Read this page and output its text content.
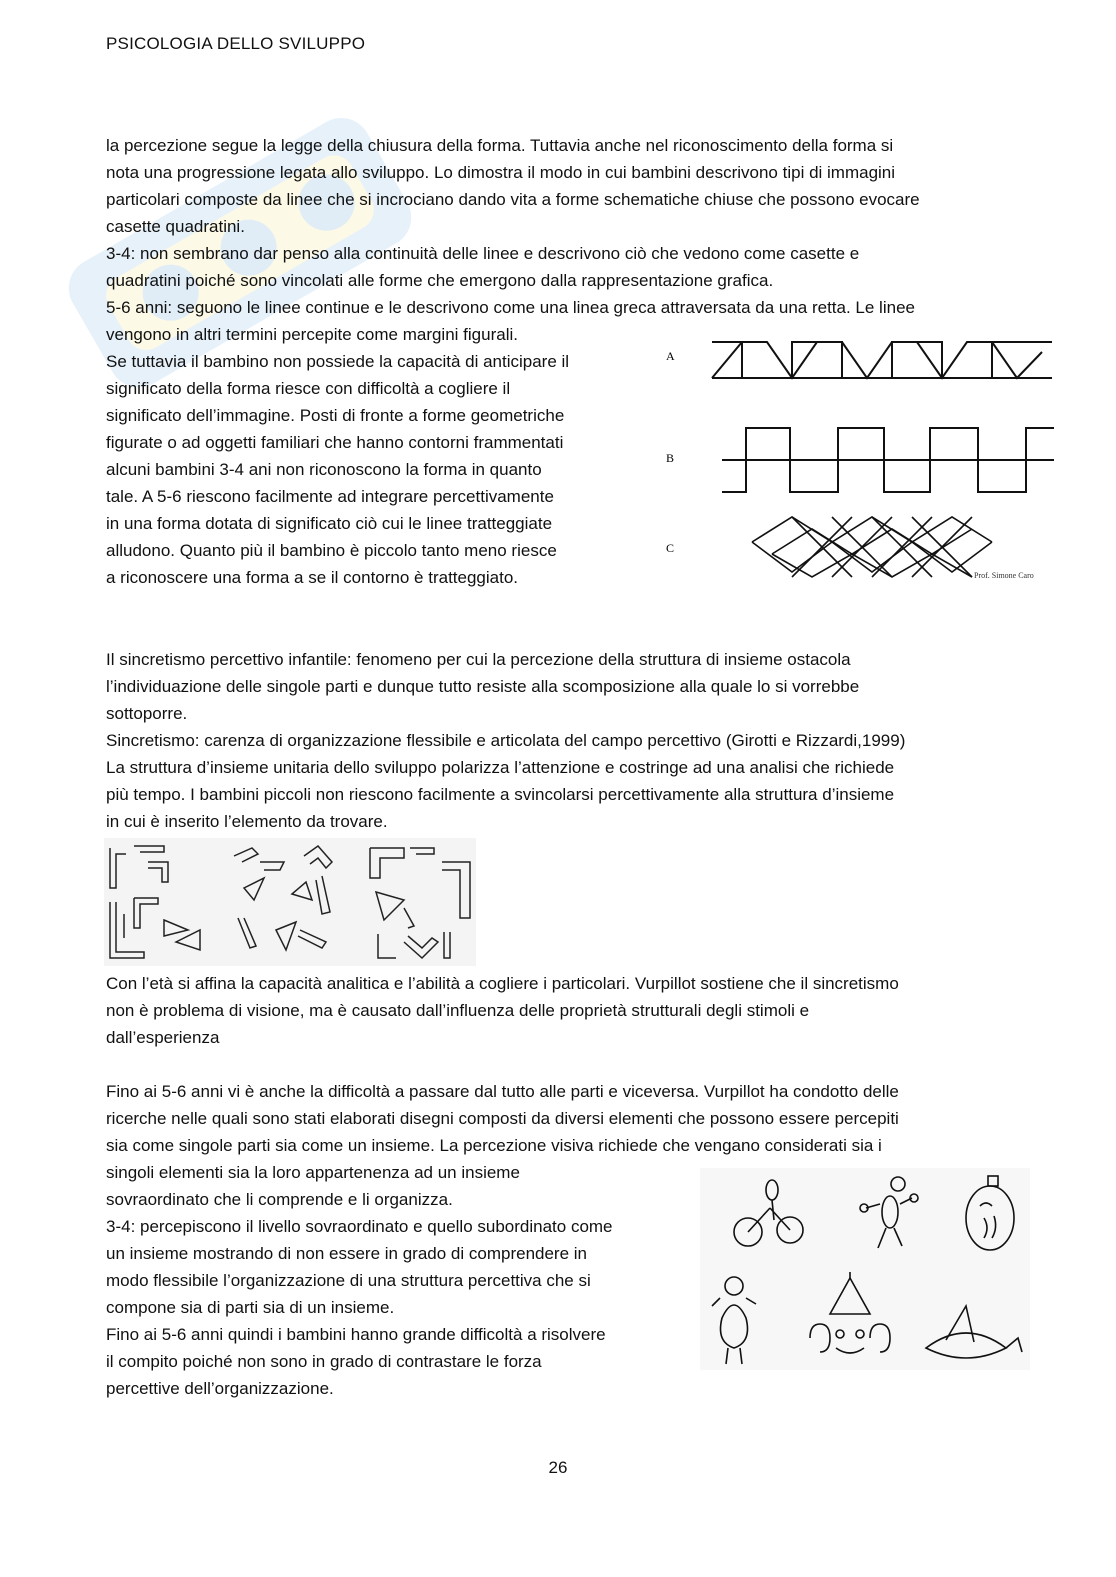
PSICOLOGIA DELLO SVILUPPO

la percezione segue la legge della chiusura della forma. Tuttavia anche nel riconoscimento della forma si

nota una progressione legata allo sviluppo. Lo dimostra il modo in cui bambini descrivono tipi di immagini

particolari composte da linee che si incrociano dando vita a forme schematiche chiuse che possono evocare

casette quadratini.

3-4: non sembrano dar penso alla continuità delle linee e descrivono ciò che vedono come casette e

quadratini poiché sono vincolati alle forme che emergono dalla rappresentazione grafica.

5-6 anni: seguono le linee continue e le descrivono come una linea greca attraversata da una retta. Le linee

vengono in altri termini percepite come margini figurali.

Se tuttavia il bambino non possiede la capacità di anticipare il

significato della forma riesce con difficoltà a cogliere il

significato dell’immagine. Posti di fronte a forme geometriche

figurate o ad oggetti familiari che hanno contorni frammentati

alcuni bambini 3-4 ani non riconoscono la forma in quanto

tale. A 5-6 riescono facilmente ad integrare percettivamente

in una forma dotata di significato ciò cui le linee tratteggiate

alludono. Quanto più il bambino è piccolo tanto meno riesce

a riconoscere una forma a se il contorno è tratteggiato.

A
B
C
Prof. Simone Caro

Il sincretismo percettivo infantile: fenomeno per cui la percezione della struttura di insieme ostacola

l’individuazione delle singole parti e dunque tutto resiste alla scomposizione alla quale lo si vorrebbe

sottoporre.

Sincretismo: carenza di organizzazione flessibile e articolata del campo percettivo (Girotti e Rizzardi,1999)

La struttura d’insieme unitaria dello sviluppo polarizza l’attenzione e costringe ad una analisi che richiede

più tempo. I bambini piccoli non riescono facilmente a svincolarsi percettivamente alla struttura d’insieme

in cui è inserito l’elemento da trovare.

Con l’età si affina la capacità analitica e l’abilità a cogliere i particolari. Vurpillot sostiene che il sincretismo

non è problema di visione, ma è causato dall’influenza delle proprietà strutturali degli stimoli e

dall’esperienza

Fino ai 5-6 anni vi è anche la difficoltà a passare dal tutto alle parti e viceversa. Vurpillot ha condotto delle

ricerche nelle quali sono stati elaborati disegni composti da diversi elementi che possono essere percepiti

sia come singole parti sia come un insieme. La percezione visiva richiede che vengano considerati sia i

singoli elementi sia la loro appartenenza ad un insieme

sovraordinato che li comprende e li organizza.

3-4: percepiscono il livello sovraordinato e quello subordinato come

un insieme mostrando di non essere in grado di comprendere in

modo flessibile l’organizzazione di una struttura percettiva che si

compone sia di parti sia di un insieme.

Fino ai 5-6 anni quindi i bambini hanno grande difficoltà a risolvere

il compito poiché non sono in grado di contrastare le forza

percettive dell’organizzazione.

26
